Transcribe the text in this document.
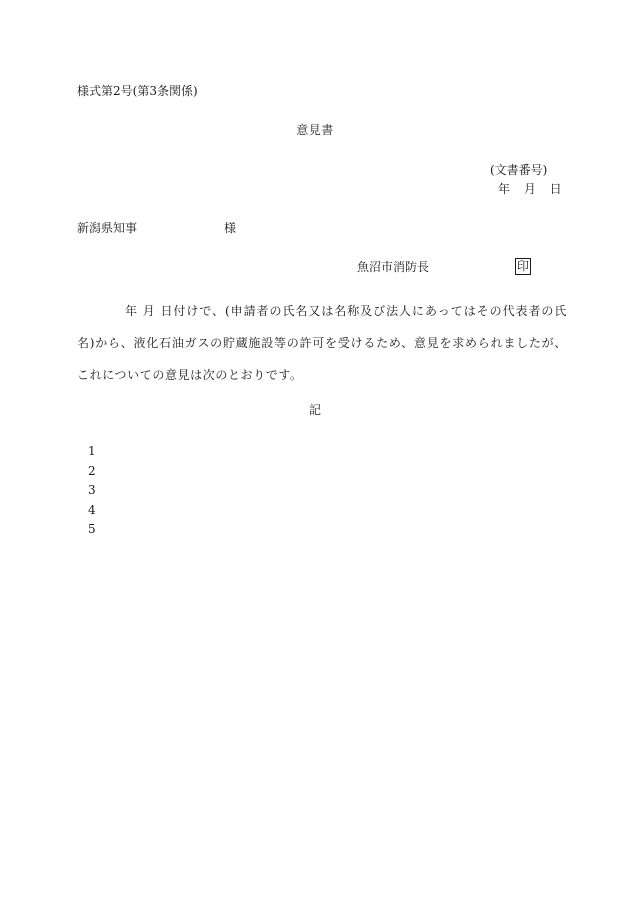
様式第2号(第3条関係)
意見書
(文書番号)
年 月 日
新潟県知事	様
魚沼市消防長	印
年 月 日付けで、(申請者の氏名又は名称及び法人にあってはその代表者の氏名)から、液化石油ガスの貯蔵施設等の許可を受けるため、意見を求められましたが、これについての意見は次のとおりです。
記
1
2
3
4
5
